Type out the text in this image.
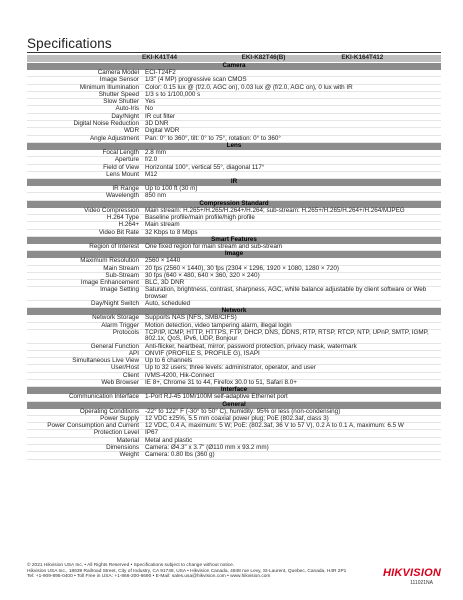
Specifications
	EKI-K41T44	EKI-K82T46(B)	EKI-K164T412
Camera			
Camera Model	ECI-T24F2		
Image Sensor	1/3" (4 MP) progressive scan CMOS		
Minimum Illumination	Color: 0.15 lux @ (f/2.0, AGC on), 0.03 lux @ (f/2.0, AGC on), 0 lux with IR		
Shutter Speed	1/3 s to 1/100,000 s		
Slow Shutter	Yes		
Auto-Iris	No		
Day/Night	IR cut filter		
Digital Noise Reduction	3D DNR		
WDR	Digital WDR		
Angle Adjustment	Pan: 0° to 360°, tilt: 0° to 75°, rotation: 0° to 360°		
Lens			
Focal Length	2.8 mm		
Aperture	f/2.0		
Field of View	Horizontal 100°, vertical 55°, diagonal 117°		
Lens Mount	M12		
IR			
IR Range	Up to 100 ft (30 m)		
Wavelength	850 nm		
Compression Standard			
Video Compression	Main stream: H.265+/H.265/H.264+/H.264; sub-stream: H.265+/H.265/H.264+/H.264/MJPEG		
H.264 Type	Baseline profile/main profile/high profile		
H.264+	Main stream		
Video Bit Rate	32 Kbps to 8 Mbps		
Smart Features			
Region of Interest	One fixed region for main stream and sub-stream		
Image			
Maximum Resolution	2560 × 1440		
Main Stream	20 fps (2560 × 1440), 30 fps (2304 × 1296, 1920 × 1080, 1280 × 720)		
Sub-Stream	30 fps (640 × 480, 640 × 360, 320 × 240)		
Image Enhancement	BLC, 3D DNR		
Image Setting	Saturation, brightness, contrast, sharpness, AGC, white balance adjustable by client software or Web browser		
Day/Night Switch	Auto, scheduled		
Network			
Network Storage	Supports NAS (NFS, SMB/CIFS)		
Alarm Trigger	Motion detection, video tampering alarm, illegal login		
Protocols	TCP/IP, ICMP, HTTP, HTTPS, FTP, DHCP, DNS, DDNS, RTP, RTSP, RTCP, NTP, UPnP, SMTP, IGMP, 802.1x, QoS, IPv6, UDP, Bonjour		
General Function	Anti-flicker, heartbeat, mirror, password protection, privacy mask, watermark		
API	ONVIF (PROFILE S, PROFILE G), ISAPI		
Simultaneous Live View	Up to 6 channels		
User/Host	Up to 32 users; three levels: administrator, operator, and user		
Client	iVMS-4200, Hik-Connect		
Web Browser	IE 8+, Chrome 31 to 44, Firefox 30.0 to 51, Safari 8.0+		
Interface			
Communication Interface	1-Port RJ-45 10M/100M self-adaptive Ethernet port		
General			
Operating Conditions	-22° to 122° F (-30° to 50° C), humidity: 95% or less (non-condensing)		
Power Supply	12 VDC ±25%, 5.5 mm coaxial power plug; PoE (802.3af, class 3)		
Power Consumption and Current	12 VDC, 0.4 A, maximum: 5 W; PoE: (802.3af, 36 V to 57 V), 0.2 A to 0.1 A, maximum: 6.5 W		
Protection Level	IP67		
Material	Metal and plastic		
Dimensions	Camera: Ø4.3" x 3.7" (Ø110 mm x 93.2 mm)		
Weight	Camera: 0.80 lbs (360 g)		
© 2021 Hikvision USA Inc. • All Rights Reserved • Specifications subject to change without notice.
Hikvision USA Inc., 18639 Railroad Street, City of Industry, CA 91748, USA • Hikvision Canada, 4848 rue Levy, St-Laurent, Quebec, Canada, H4R 2P1
Tel: +1-909-895-0400 • Toll Free in USA: +1-866-200-6690 • E-Mail: sales.usa@hikvision.com • www.hikvision.com	HIKVISION
111021NA
